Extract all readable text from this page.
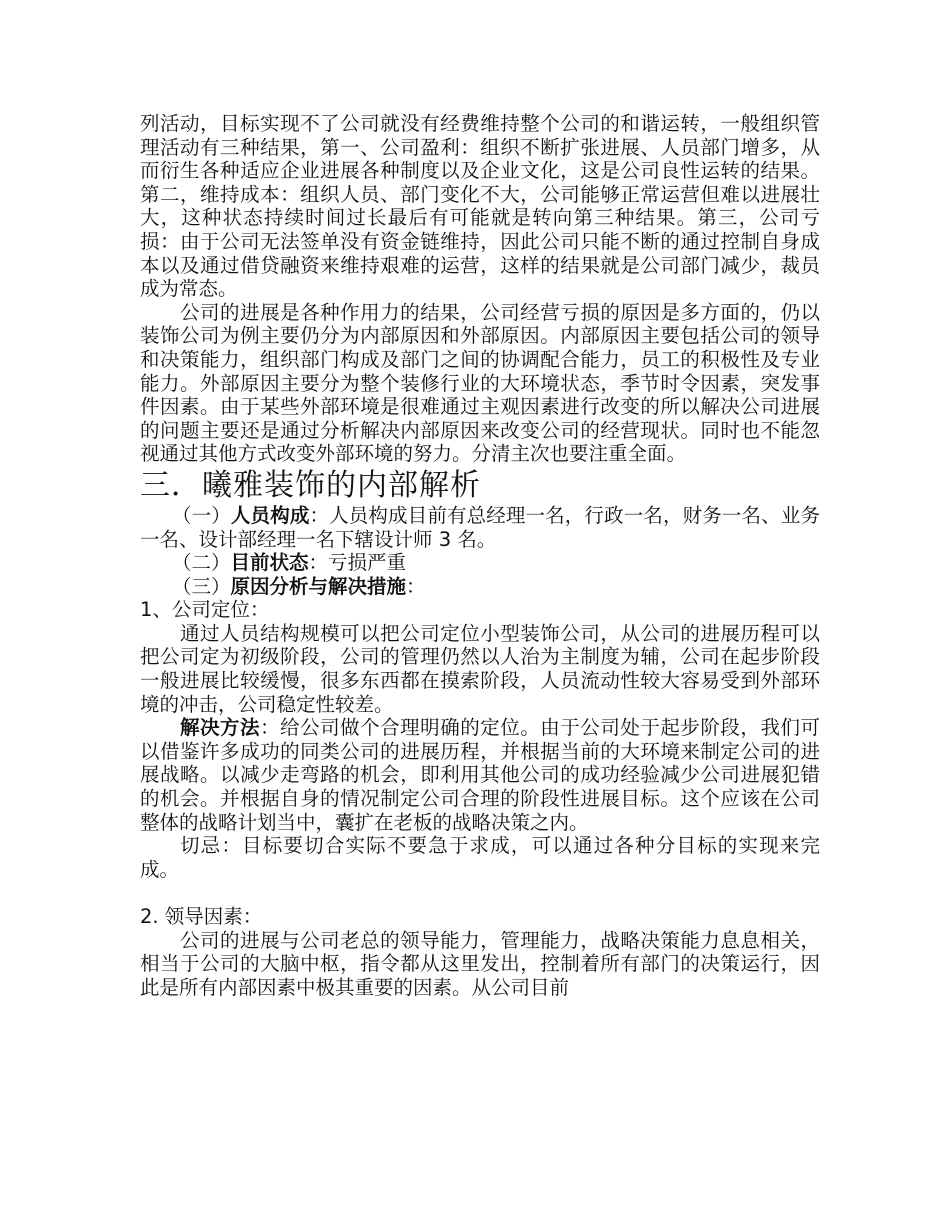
列活动，目标实现不了公司就没有经费维持整个公司的和谐运转，一般组织管理活动有三种结果，第一、公司盈利：组织不断扩张进展、人员部门增多，从而衍生各种适应企业进展各种制度以及企业文化，这是公司良性运转的结果。第二，维持成本：组织人员、部门变化不大，公司能够正常运营但难以进展壮大，这种状态持续时间过长最后有可能就是转向第三种结果。第三，公司亏损：由于公司无法签单没有资金链维持，因此公司只能不断的通过控制自身成本以及通过借贷融资来维持艰难的运营，这样的结果就是公司部门减少，裁员成为常态。

公司的进展是各种作用力的结果，公司经营亏损的原因是多方面的，仍以装饰公司为例主要仍分为内部原因和外部原因。内部原因主要包括公司的领导和决策能力，组织部门构成及部门之间的协调配合能力，员工的积极性及专业能力。外部原因主要分为整个装修行业的大环境状态，季节时令因素，突发事件因素。由于某些外部环境是很难通过主观因素进行改变的所以解决公司进展的问题主要还是通过分析解决内部原因来改变公司的经营现状。同时也不能忽视通过其他方式改变外部环境的努力。分清主次也要注重全面。

三．曦雅装饰的内部解析

（一）人员构成：人员构成目前有总经理一名，行政一名，财务一名、业务一名、设计部经理一名下辖设计师 3 名。

（二）目前状态：亏损严重

（三）原因分析与解决措施：

1、公司定位：

通过人员结构规模可以把公司定位小型装饰公司，从公司的进展历程可以把公司定为初级阶段，公司的管理仍然以人治为主制度为辅，公司在起步阶段一般进展比较缓慢，很多东西都在摸索阶段，人员流动性较大容易受到外部环境的冲击，公司稳定性较差。

解决方法：给公司做个合理明确的定位。由于公司处于起步阶段，我们可以借鉴许多成功的同类公司的进展历程，并根据当前的大环境来制定公司的进展战略。以减少走弯路的机会，即利用其他公司的成功经验减少公司进展犯错的机会。并根据自身的情况制定公司合理的阶段性进展目标。这个应该在公司整体的战略计划当中，囊扩在老板的战略决策之内。

切忌：目标要切合实际不要急于求成，可以通过各种分目标的实现来完成。

2. 领导因素：

公司的进展与公司老总的领导能力，管理能力，战略决策能力息息相关，相当于公司的大脑中枢，指令都从这里发出，控制着所有部门的决策运行，因此是所有内部因素中极其重要的因素。从公司目前
